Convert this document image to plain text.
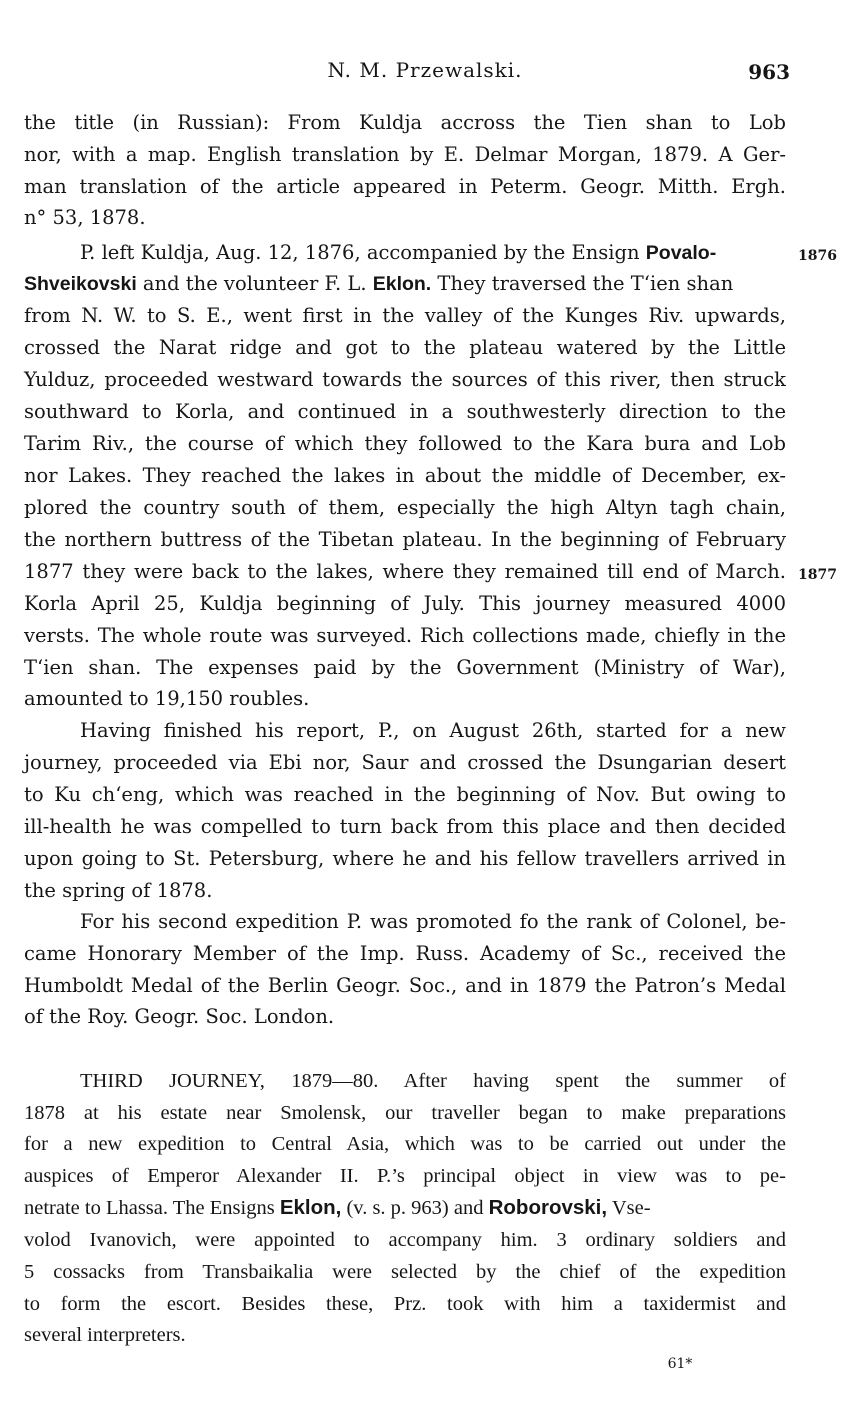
N. M. Przewalski.	963
the title (in Russian): From Kuldja accross the Tien shan to Lob
nor, with a map. English translation by E. Delmar Morgan, 1879. A Ger-
man translation of the article appeared in Peterm. Geogr. Mitth. Ergh.
n° 53, 1878.
P. left Kuldja, Aug. 12, 1876, accompanied by the Ensign Povalo-	1876
Shveikovski and the volunteer F. L. Eklon. They traversed the T‘ien shan
from N. W. to S. E., went first in the valley of the Kunges Riv. upwards,
crossed the Narat ridge and got to the plateau watered by the Little
Yulduz, proceeded westward towards the sources of this river, then struck
southward to Korla, and continued in a southwesterly direction to the
Tarim Riv., the course of which they followed to the Kara bura and Lob
nor Lakes. They reached the lakes in about the middle of December, ex-
plored the country south of them, especially the high Altyn tagh chain,
the northern buttress of the Tibetan plateau. In the beginning of February
1877 they were back to the lakes, where they remained till end of March. 1877
Korla April 25, Kuldja beginning of July. This journey measured 4000
versts. The whole route was surveyed. Rich collections made, chiefly in the
T‘ien shan. The expenses paid by the Government (Ministry of War),
amounted to 19,150 roubles.
Having finished his report, P., on August 26th, started for a new
journey, proceeded via Ebi nor, Saur and crossed the Dsungarian desert
to Ku ch‘eng, which was reached in the beginning of Nov. But owing to
ill-health he was compelled to turn back from this place and then decided
upon going to St. Petersburg, where he and his fellow travellers arrived in
the spring of 1878.
For his second expedition P. was promoted fo the rank of Colonel, be-
came Honorary Member of the Imp. Russ. Academy of Sc., received the
Humboldt Medal of the Berlin Geogr. Soc., and in 1879 the Patron’s Medal
of the Roy. Geogr. Soc. London.
THIRD JOURNEY, 1879—80. After having spent the summer of
1878 at his estate near Smolensk, our traveller began to make preparations
for a new expedition to Central Asia, which was to be carried out under the
auspices of Emperor Alexander II. P.’s principal object in view was to pe-
netrate to Lhassa. The Ensigns Eklon, (v. s. p. 963) and Roborovski, Vse-
volod Ivanovich, were appointed to accompany him. 3 ordinary soldiers and
5 cossacks from Transbaikalia were selected by the chief of the expedition
to form the escort. Besides these, Prz. took with him a taxidermist and
several interpreters.
61*
